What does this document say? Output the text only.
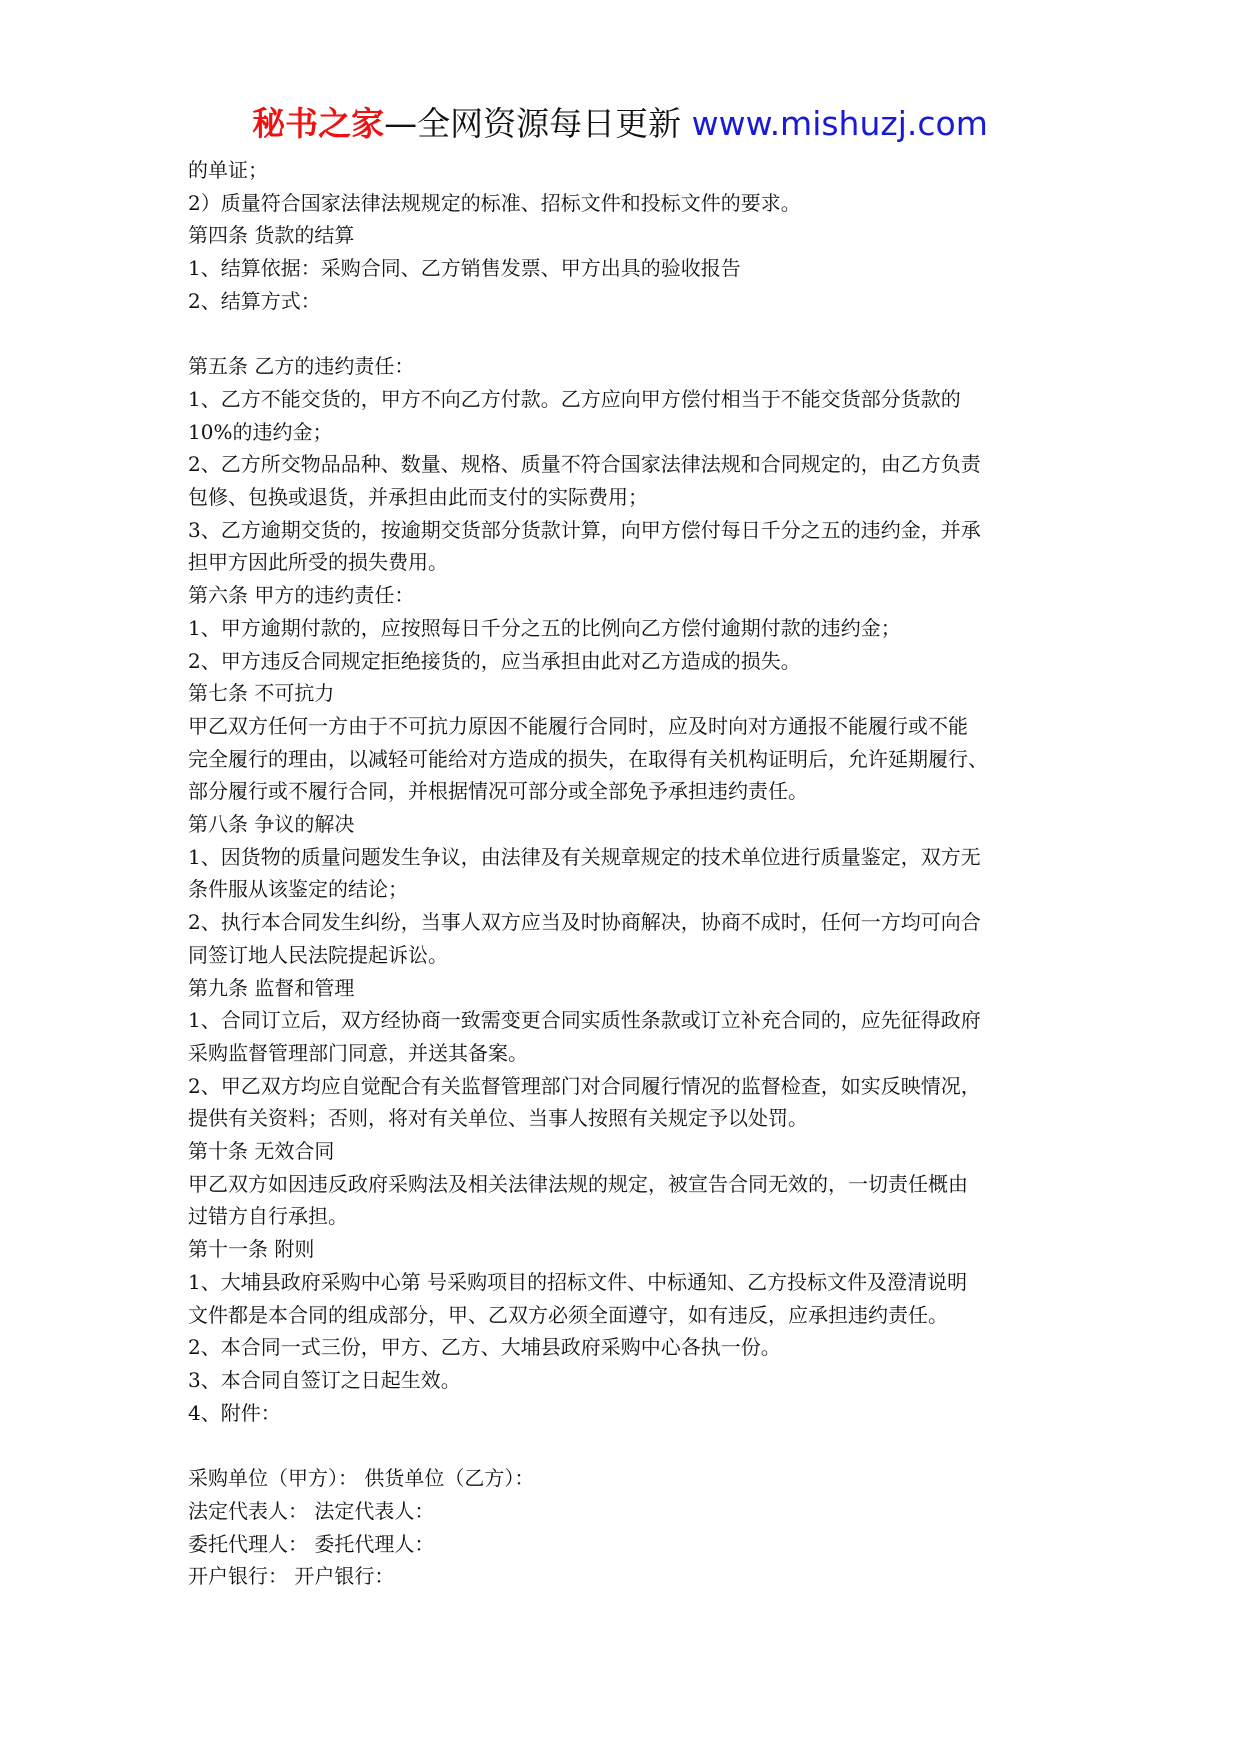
秘书之家—全网资源每日更新 www.mishuzj.com

的单证；

2）质量符合国家法律法规规定的标准、招标文件和投标文件的要求。

第四条 货款的结算

1、结算依据：采购合同、乙方销售发票、甲方出具的验收报告

2、结算方式：

第五条 乙方的违约责任：

1、乙方不能交货的，甲方不向乙方付款。乙方应向甲方偿付相当于不能交货部分货款的

10%的违约金；

2、乙方所交物品品种、数量、规格、质量不符合国家法律法规和合同规定的，由乙方负责

包修、包换或退货，并承担由此而支付的实际费用；

3、乙方逾期交货的，按逾期交货部分货款计算，向甲方偿付每日千分之五的违约金，并承

担甲方因此所受的损失费用。

第六条 甲方的违约责任：

1、甲方逾期付款的，应按照每日千分之五的比例向乙方偿付逾期付款的违约金；

2、甲方违反合同规定拒绝接货的，应当承担由此对乙方造成的损失。

第七条 不可抗力

甲乙双方任何一方由于不可抗力原因不能履行合同时，应及时向对方通报不能履行或不能

完全履行的理由，以减轻可能给对方造成的损失，在取得有关机构证明后，允许延期履行、

部分履行或不履行合同，并根据情况可部分或全部免予承担违约责任。

第八条 争议的解决

1、因货物的质量问题发生争议，由法律及有关规章规定的技术单位进行质量鉴定，双方无

条件服从该鉴定的结论；

2、执行本合同发生纠纷，当事人双方应当及时协商解决，协商不成时，任何一方均可向合

同签订地人民法院提起诉讼。

第九条 监督和管理

1、合同订立后，双方经协商一致需变更合同实质性条款或订立补充合同的，应先征得政府

采购监督管理部门同意，并送其备案。

2、甲乙双方均应自觉配合有关监督管理部门对合同履行情况的监督检查，如实反映情况，

提供有关资料；否则，将对有关单位、当事人按照有关规定予以处罚。

第十条 无效合同

甲乙双方如因违反政府采购法及相关法律法规的规定，被宣告合同无效的，一切责任概由

过错方自行承担。

第十一条 附则

1、大埔县政府采购中心第 号采购项目的招标文件、中标通知、乙方投标文件及澄清说明

文件都是本合同的组成部分，甲、乙双方必须全面遵守，如有违反，应承担违约责任。

2、本合同一式三份，甲方、乙方、大埔县政府采购中心各执一份。

3、本合同自签订之日起生效。

4、附件：

采购单位（甲方）： 供货单位（乙方）：

法定代表人： 法定代表人：

委托代理人： 委托代理人：

开户银行： 开户银行：
